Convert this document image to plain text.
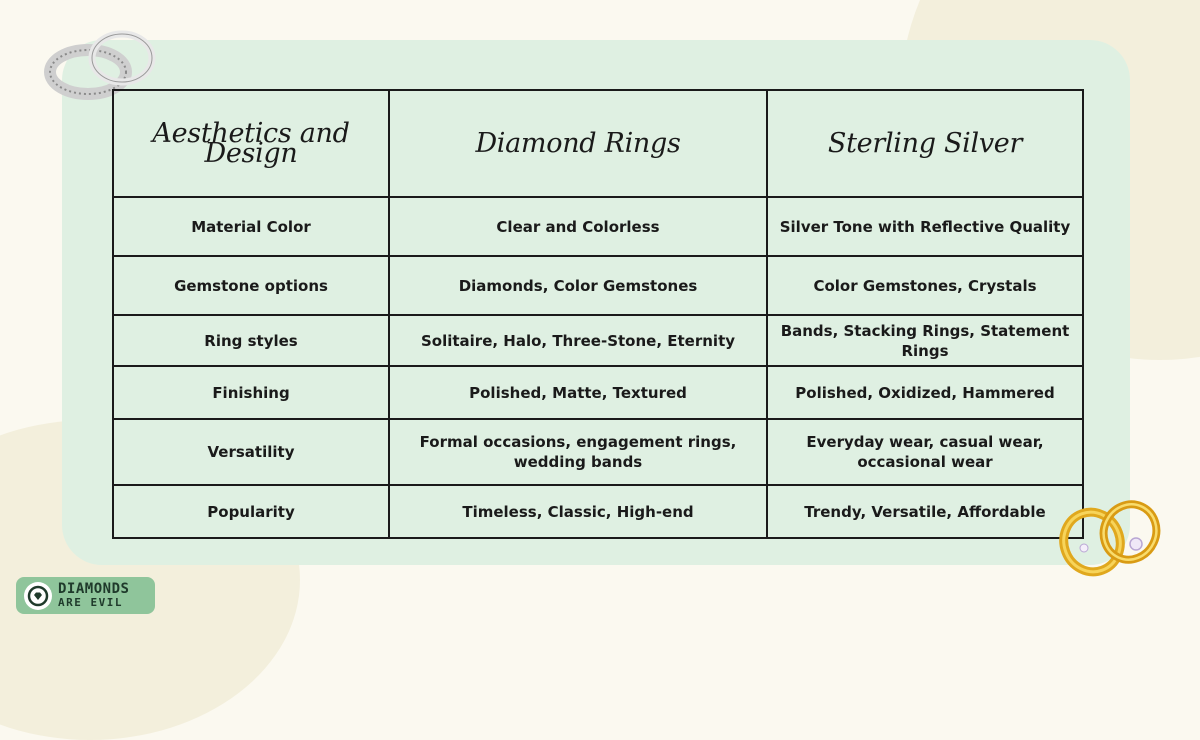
Aesthetics and Design	Diamond Rings	Sterling Silver
Material Color	Clear and Colorless	Silver Tone with Reflective Quality
Gemstone options	Diamonds, Color Gemstones	Color Gemstones, Crystals
Ring styles	Solitaire, Halo, Three-Stone, Eternity	Bands, Stacking Rings, Statement Rings
Finishing	Polished, Matte, Textured	Polished, Oxidized, Hammered
Versatility	Formal occasions, engagement rings, wedding bands	Everyday wear, casual wear, occasional wear
Popularity	Timeless, Classic, High-end	Trendy, Versatile, Affordable
DIAMONDS
ARE EVIL
